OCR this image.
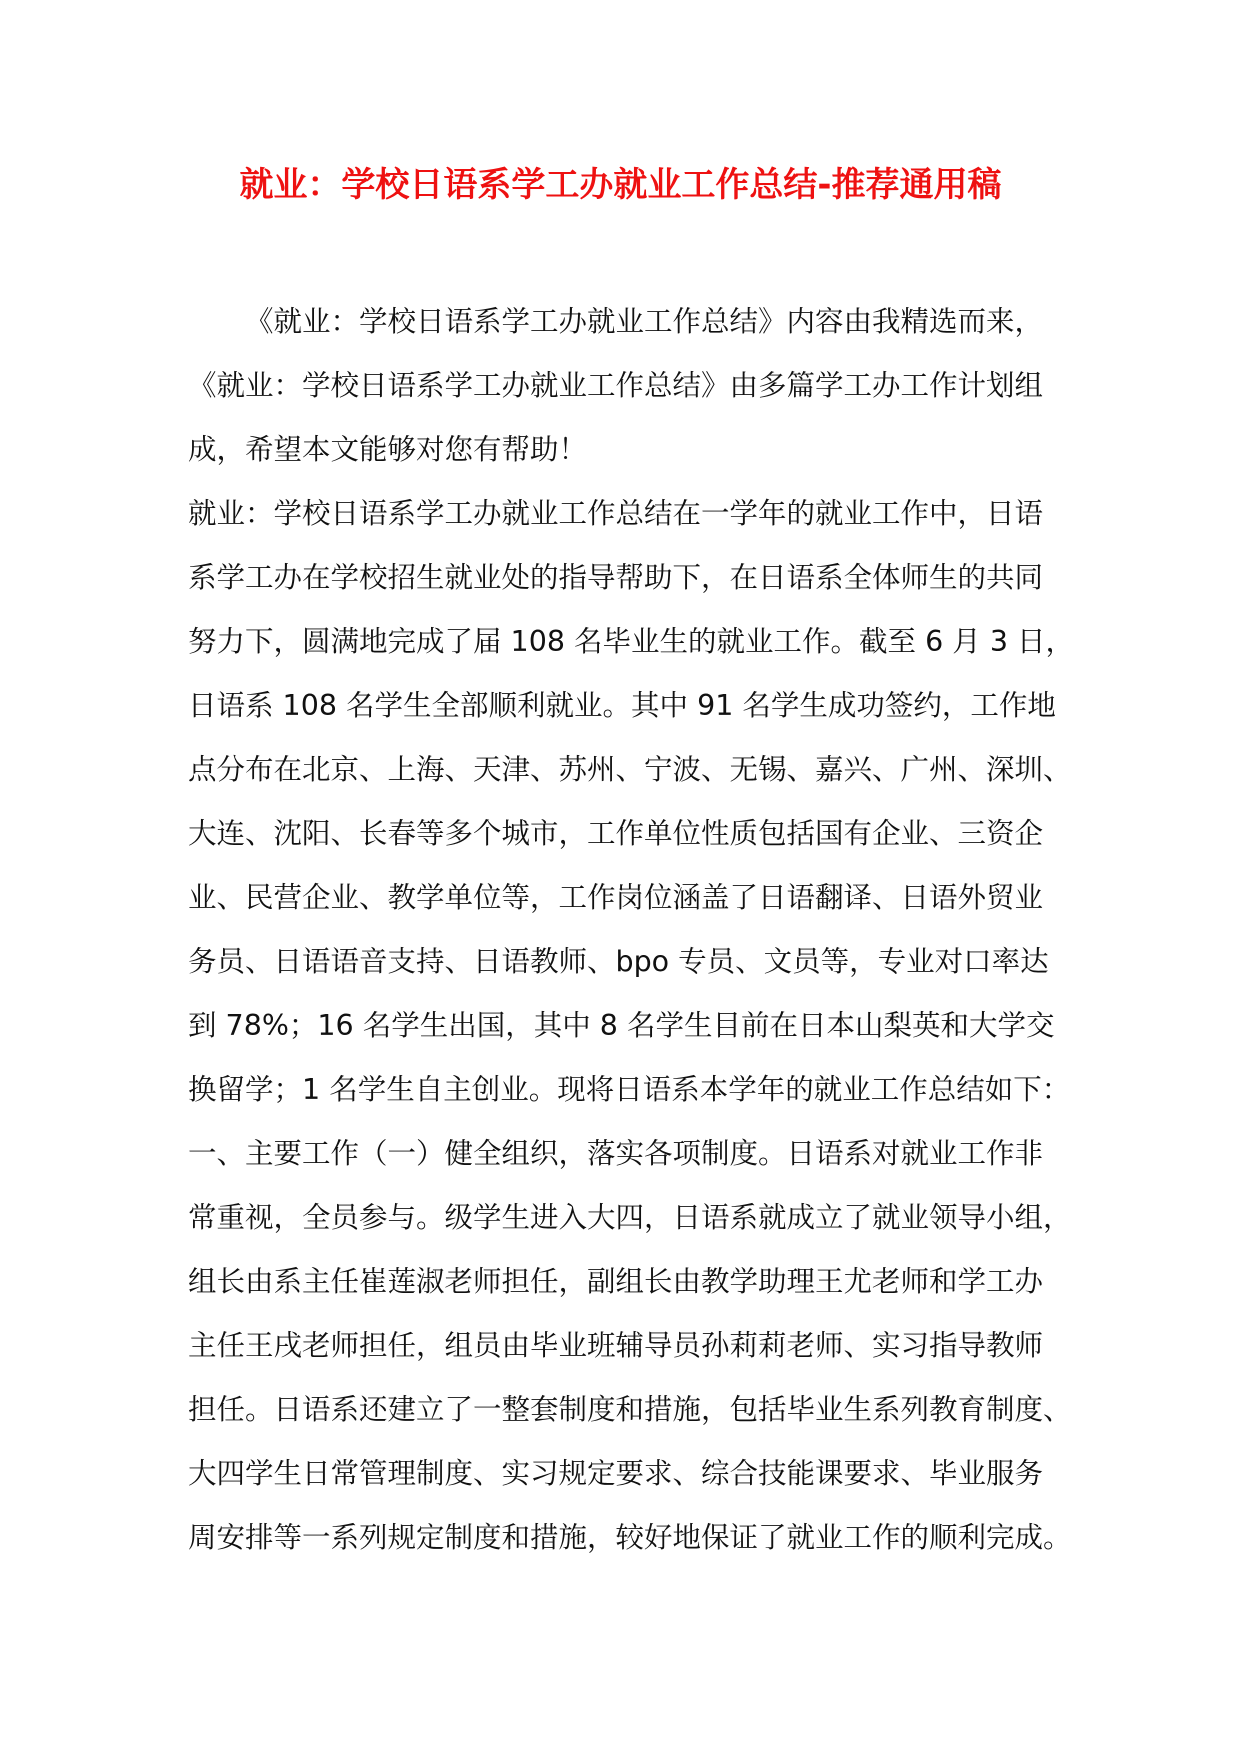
就业：学校日语系学工办就业工作总结-推荐通用稿
《就业：学校日语系学工办就业工作总结》内容由我精选而来，
《就业：学校日语系学工办就业工作总结》由多篇学工办工作计划组
成，希望本文能够对您有帮助！
就业：学校日语系学工办就业工作总结在一学年的就业工作中，日语
系学工办在学校招生就业处的指导帮助下，在日语系全体师生的共同
努力下，圆满地完成了届 108 名毕业生的就业工作。截至 6 月 3 日，
日语系 108 名学生全部顺利就业。其中 91 名学生成功签约，工作地
点分布在北京、上海、天津、苏州、宁波、无锡、嘉兴、广州、深圳、
大连、沈阳、长春等多个城市，工作单位性质包括国有企业、三资企
业、民营企业、教学单位等，工作岗位涵盖了日语翻译、日语外贸业
务员、日语语音支持、日语教师、bpo 专员、文员等，专业对口率达
到 78%；16 名学生出国，其中 8 名学生目前在日本山梨英和大学交
换留学；1 名学生自主创业。现将日语系本学年的就业工作总结如下：
一、主要工作（一）健全组织，落实各项制度。日语系对就业工作非
常重视，全员参与。级学生进入大四，日语系就成立了就业领导小组，
组长由系主任崔莲淑老师担任，副组长由教学助理王尤老师和学工办
主任王戌老师担任，组员由毕业班辅导员孙莉莉老师、实习指导教师
担任。日语系还建立了一整套制度和措施，包括毕业生系列教育制度、
大四学生日常管理制度、实习规定要求、综合技能课要求、毕业服务
周安排等一系列规定制度和措施，较好地保证了就业工作的顺利完成。
